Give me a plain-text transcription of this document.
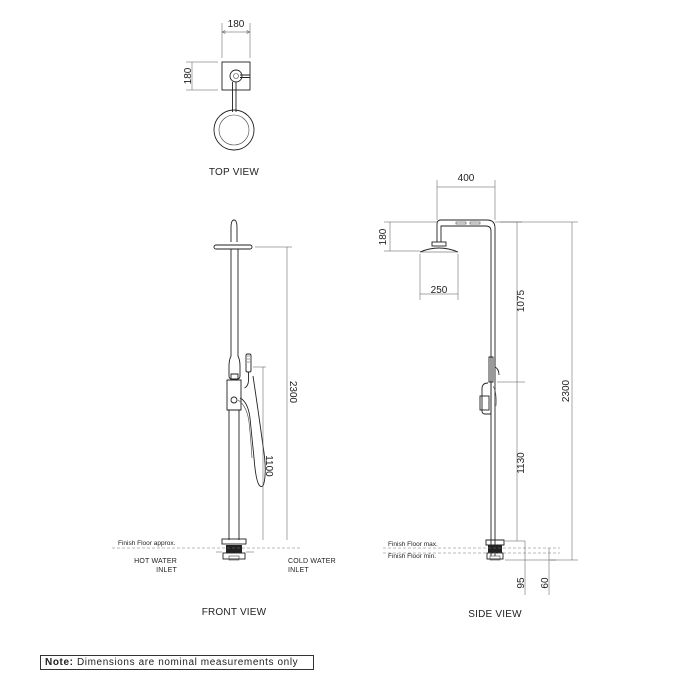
180
180
TOP VIEW
2300
1100
Finish Floor approx.
HOT WATER
INLET
COLD WATER
INLET
FRONT VIEW
400
180
250	1075
1130
2300
Finish Floor max.
Finish Floor min.
95 60
SIDE VIEW
Note: Dimensions are nominal measurements only
